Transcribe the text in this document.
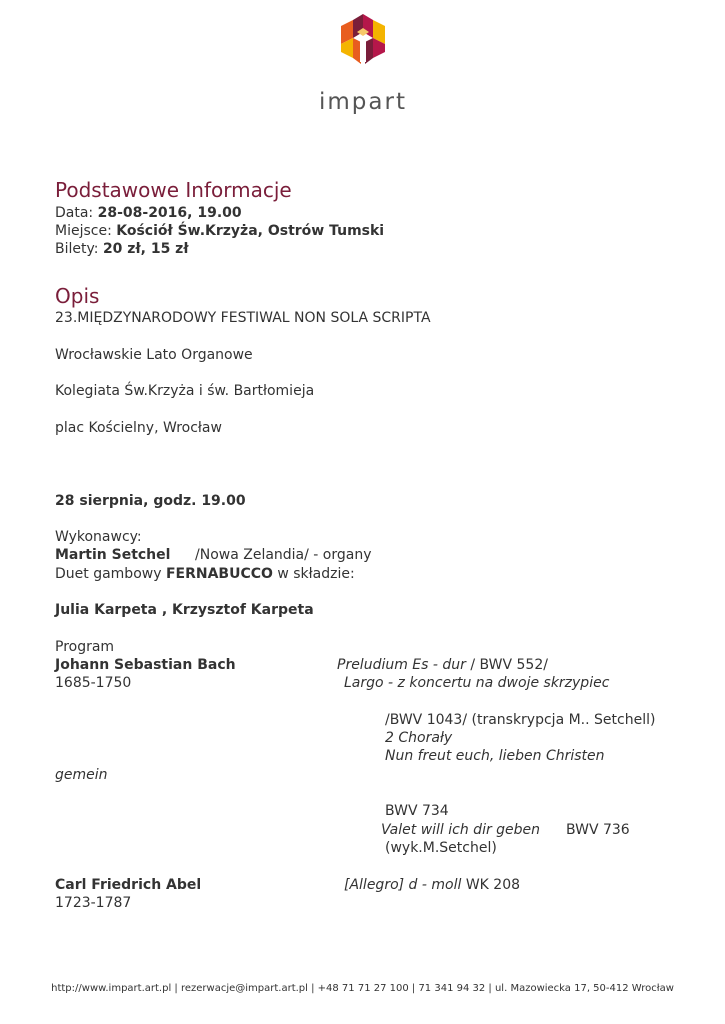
impart
Podstawowe Informacje
Data: 28-08-2016, 19.00
Miejsce: Kościół Św.Krzyża, Ostrów Tumski
Bilety: 20 zł, 15 zł
Opis
23.MIĘDZYNARODOWY FESTIWAL NON SOLA SCRIPTA
Wrocławskie Lato Organowe
Kolegiata Św.Krzyża i św. Bartłomieja
plac Kościelny, Wrocław
28 sierpnia, godz. 19.00
Wykonawcy:
Martin Setchel /Nowa Zelandia/ - organy
Duet gambowy FERNABUCCO w składzie:
Julia Karpeta , Krzysztof Karpeta
Program
Johann Sebastian Bach	Preludium Es - dur / BWV 552/
1685-1750	Largo - z koncertu na dwoje skrzypiec
/BWV 1043/ (transkrypcja M.. Setchell)
2 Chorały
Nun freut euch, lieben Christen
gemein
BWV 734
Valet will ich dir geben BWV 736
(wyk.M.Setchel)
Carl Friedrich Abel	[Allegro] d - moll WK 208
1723-1787
http://www.impart.art.pl | rezerwacje@impart.art.pl | +48 71 71 27 100 | 71 341 94 32 | ul. Mazowiecka 17, 50-412 Wrocław
